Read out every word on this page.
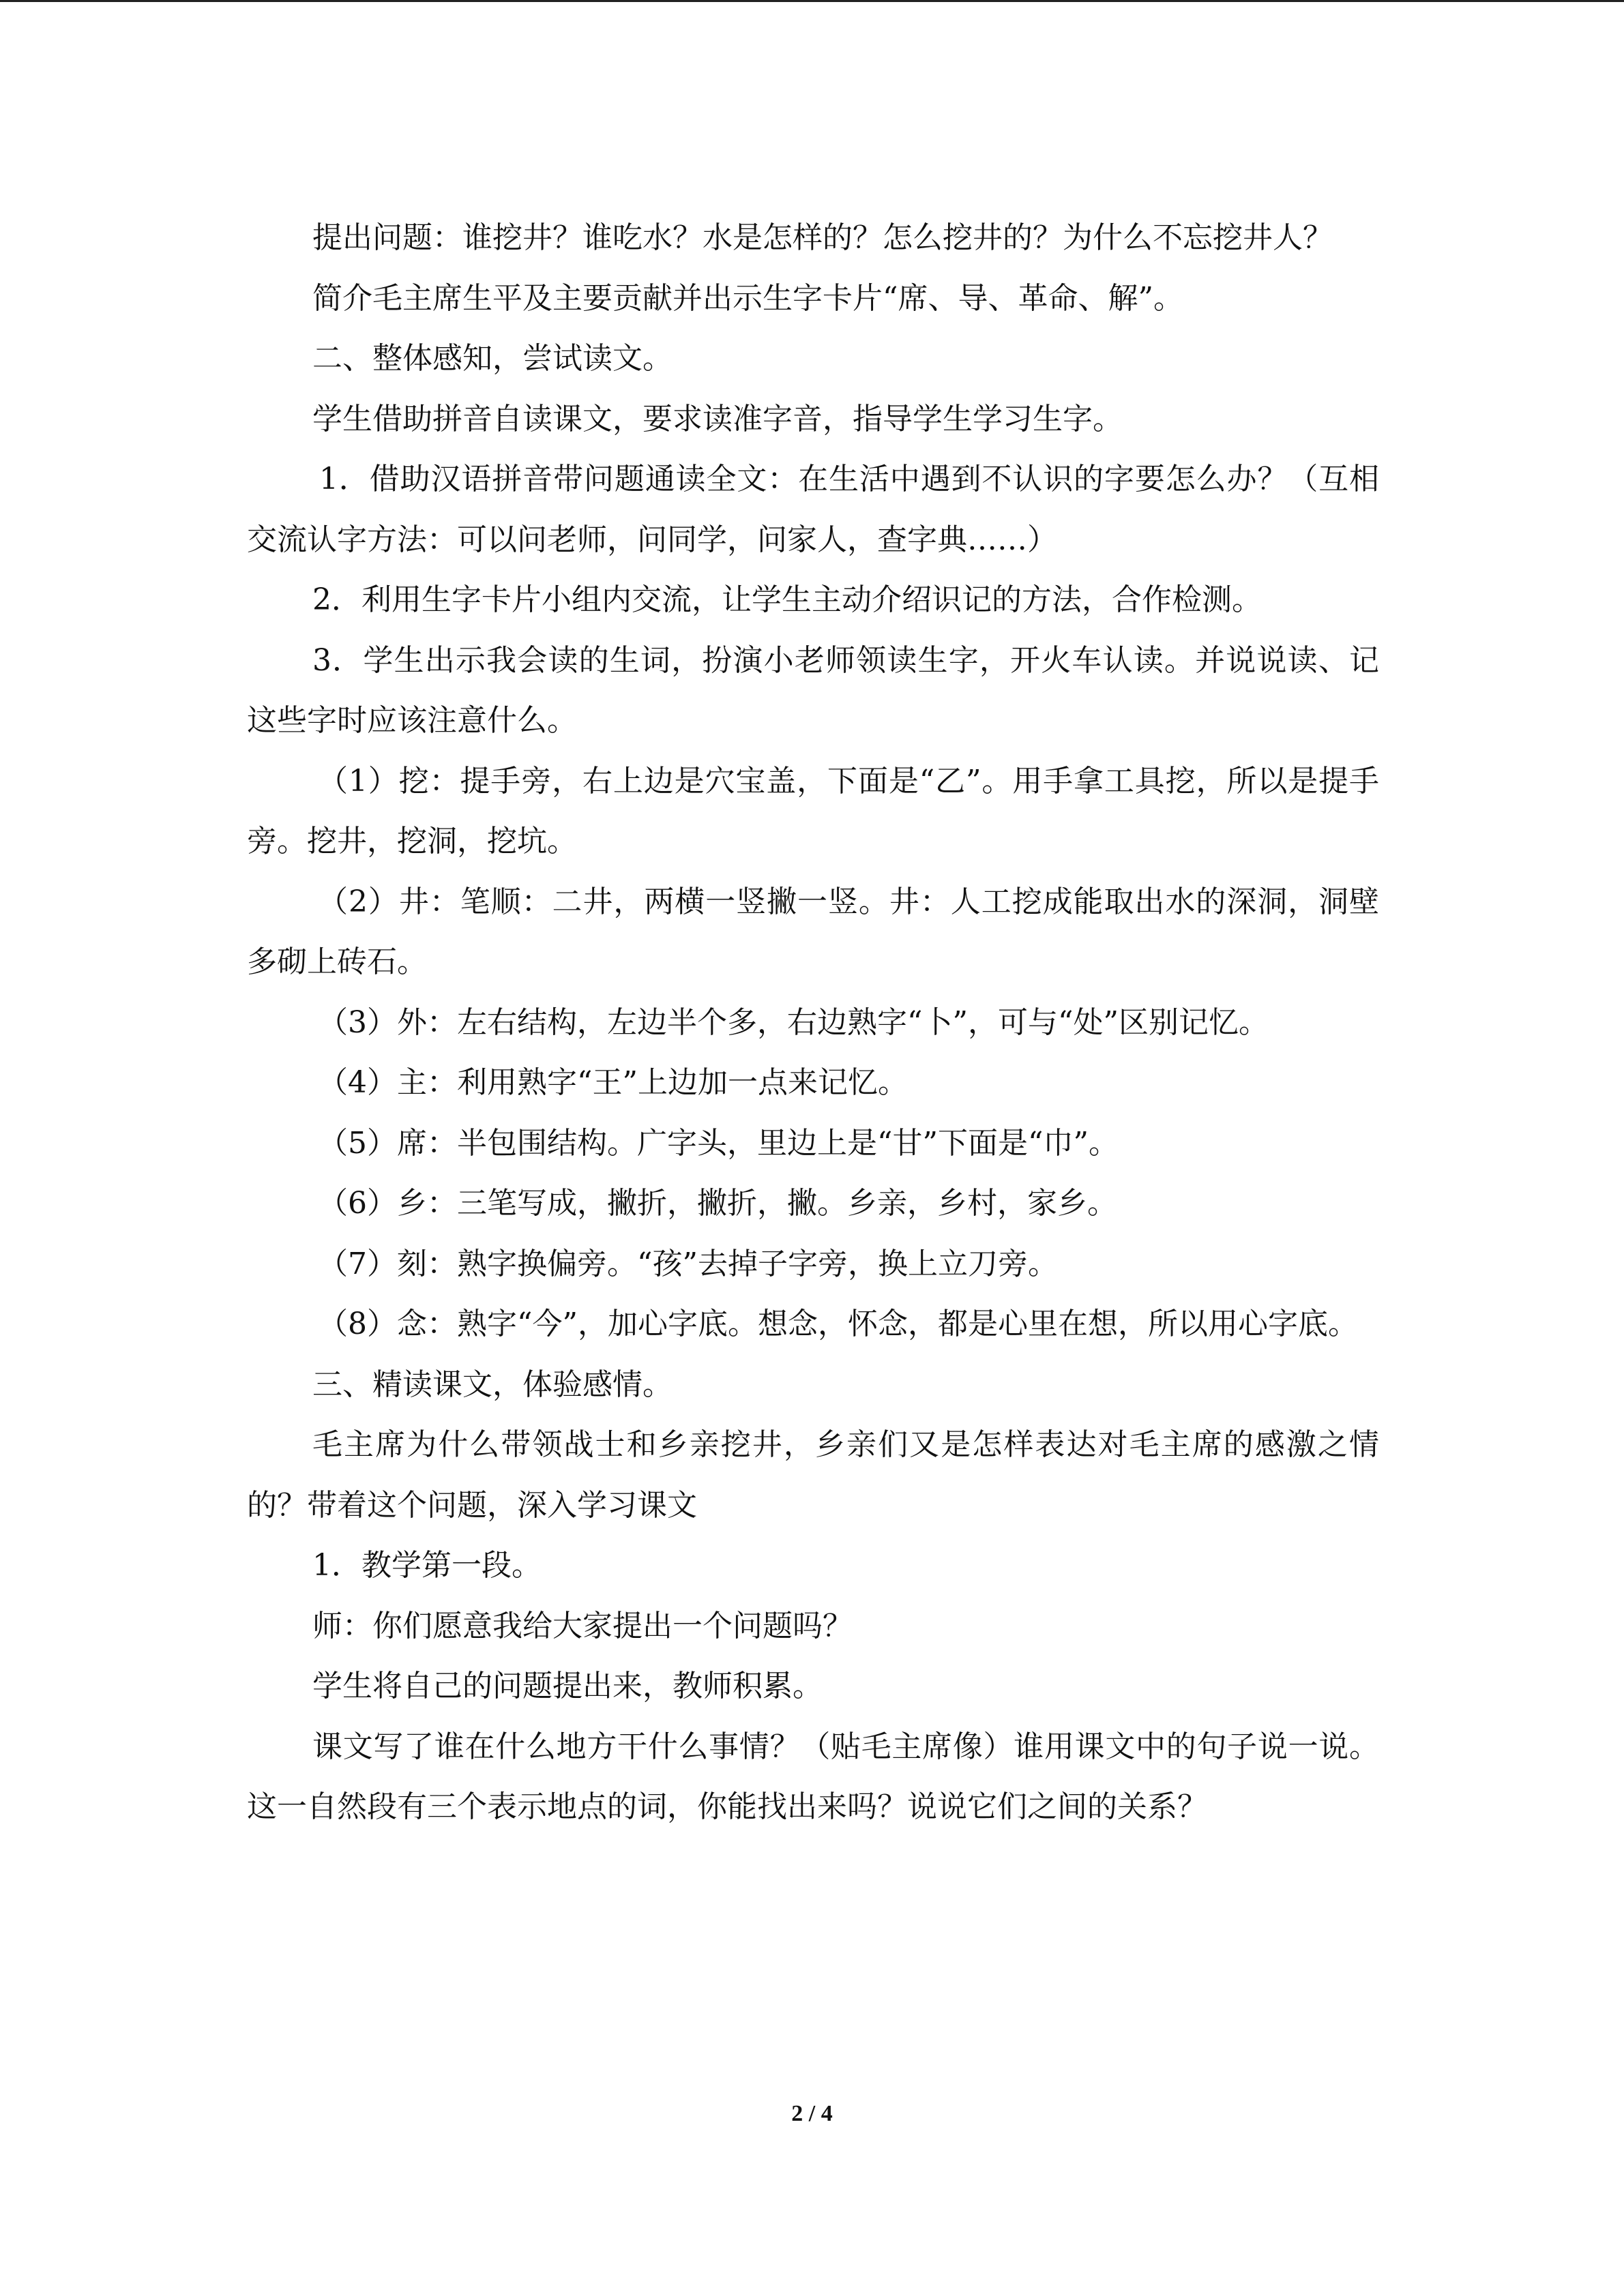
提出问题：谁挖井？谁吃水？水是怎样的？怎么挖井的？为什么不忘挖井人？

简介毛主席生平及主要贡献并出示生字卡片“席、导、革命、解”。

二、整体感知，尝试读文。

学生借助拼音自读课文，要求读准字音，指导学生学习生字。

1．借助汉语拼音带问题通读全文：在生活中遇到不认识的字要怎么办？（互相交流认字方法：可以问老师，问同学，问家人，查字典……）

2．利用生字卡片小组内交流，让学生主动介绍识记的方法，合作检测。

3．学生出示我会读的生词，扮演小老师领读生字，开火车认读。并说说读、记这些字时应该注意什么。

（1）挖：提手旁，右上边是穴宝盖，下面是“乙”。用手拿工具挖，所以是提手旁。挖井，挖洞，挖坑。

（2）井：笔顺：二井，两横一竖撇一竖。井：人工挖成能取出水的深洞，洞壁多砌上砖石。

（3）外：左右结构，左边半个多，右边熟字“卜”，可与“处”区别记忆。

（4）主：利用熟字“王”上边加一点来记忆。

（5）席：半包围结构。广字头，里边上是“甘”下面是“巾”。

（6）乡：三笔写成，撇折，撇折，撇。乡亲，乡村，家乡。

（7）刻：熟字换偏旁。“孩”去掉子字旁，换上立刀旁。

（8）念：熟字“今”，加心字底。想念，怀念，都是心里在想，所以用心字底。

三、精读课文，体验感情。

毛主席为什么带领战士和乡亲挖井，乡亲们又是怎样表达对毛主席的感激之情的？带着这个问题，深入学习课文

1．教学第一段。

师：你们愿意我给大家提出一个问题吗？

学生将自己的问题提出来，教师积累。

课文写了谁在什么地方干什么事情？（贴毛主席像）谁用课文中的句子说一说。这一自然段有三个表示地点的词，你能找出来吗？说说它们之间的关系？

2 / 4
